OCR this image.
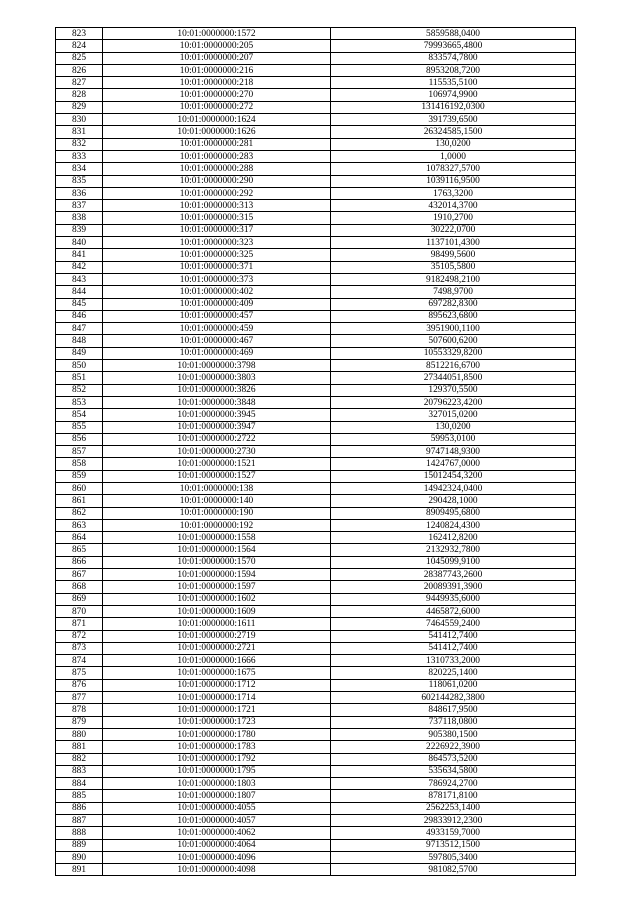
823	10:01:0000000:1572	5859588,0400
824	10:01:0000000:205	79993665,4800
825	10:01:0000000:207	833574,7800
826	10:01:0000000:216	8953208,7200
827	10:01:0000000:218	115535,5100
828	10:01:0000000:270	106974,9900
829	10:01:0000000:272	131416192,0300
830	10:01:0000000:1624	391739,6500
831	10:01:0000000:1626	26324585,1500
832	10:01:0000000:281	130,0200
833	10:01:0000000:283	1,0000
834	10:01:0000000:288	1078327,5700
835	10:01:0000000:290	1039116,9500
836	10:01:0000000:292	1763,3200
837	10:01:0000000:313	432014,3700
838	10:01:0000000:315	1910,2700
839	10:01:0000000:317	30222,0700
840	10:01:0000000:323	1137101,4300
841	10:01:0000000:325	98499,5600
842	10:01:0000000:371	35105,5800
843	10:01:0000000:373	9182498,2100
844	10:01:0000000:402	7498,9700
845	10:01:0000000:409	697282,8300
846	10:01:0000000:457	895623,6800
847	10:01:0000000:459	3951900,1100
848	10:01:0000000:467	507600,6200
849	10:01:0000000:469	10553329,8200
850	10:01:0000000:3798	8512216,6700
851	10:01:0000000:3803	27344051,8500
852	10:01:0000000:3826	129370,5500
853	10:01:0000000:3848	20796223,4200
854	10:01:0000000:3945	327015,0200
855	10:01:0000000:3947	130,0200
856	10:01:0000000:2722	59953,0100
857	10:01:0000000:2730	9747148,9300
858	10:01:0000000:1521	1424767,0000
859	10:01:0000000:1527	15012454,3200
860	10:01:0000000:138	14942324,0400
861	10:01:0000000:140	290428,1000
862	10:01:0000000:190	8909495,6800
863	10:01:0000000:192	1240824,4300
864	10:01:0000000:1558	162412,8200
865	10:01:0000000:1564	2132932,7800
866	10:01:0000000:1570	1045099,9100
867	10:01:0000000:1594	28387743,2600
868	10:01:0000000:1597	20089391,3900
869	10:01:0000000:1602	9449935,6000
870	10:01:0000000:1609	4465872,6000
871	10:01:0000000:1611	7464559,2400
872	10:01:0000000:2719	541412,7400
873	10:01:0000000:2721	541412,7400
874	10:01:0000000:1666	1310733,2000
875	10:01:0000000:1675	820225,1400
876	10:01:0000000:1712	118061,0200
877	10:01:0000000:1714	602144282,3800
878	10:01:0000000:1721	848617,9500
879	10:01:0000000:1723	737118,0800
880	10:01:0000000:1780	905380,1500
881	10:01:0000000:1783	2226922,3900
882	10:01:0000000:1792	864573,5200
883	10:01:0000000:1795	535634,5800
884	10:01:0000000:1803	786924,2700
885	10:01:0000000:1807	878171,8100
886	10:01:0000000:4055	2562253,1400
887	10:01:0000000:4057	29833912,2300
888	10:01:0000000:4062	4933159,7000
889	10:01:0000000:4064	9713512,1500
890	10:01:0000000:4096	597805,3400
891	10:01:0000000:4098	981082,5700
